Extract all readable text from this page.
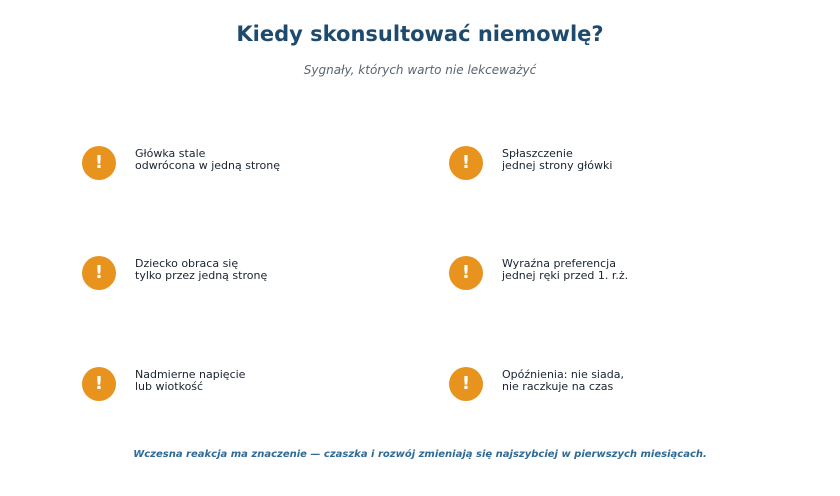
Kiedy skonsultować niemowlę?
Sygnały, których warto nie lekceważyć
!	Główka stale
odwrócona w jedną stronę	!	Spłaszczenie
jednej strony główki
!	Dziecko obraca się
tylko przez jedną stronę	!	Wyraźna preferencja
jednej ręki przed 1. r.ż.
!	Nadmierne napięcie
lub wiotkość	!	Opóźnienia: nie siada,
nie raczkuje na czas
Wczesna reakcja ma znaczenie — czaszka i rozwój zmieniają się najszybciej w pierwszych miesiącach.
